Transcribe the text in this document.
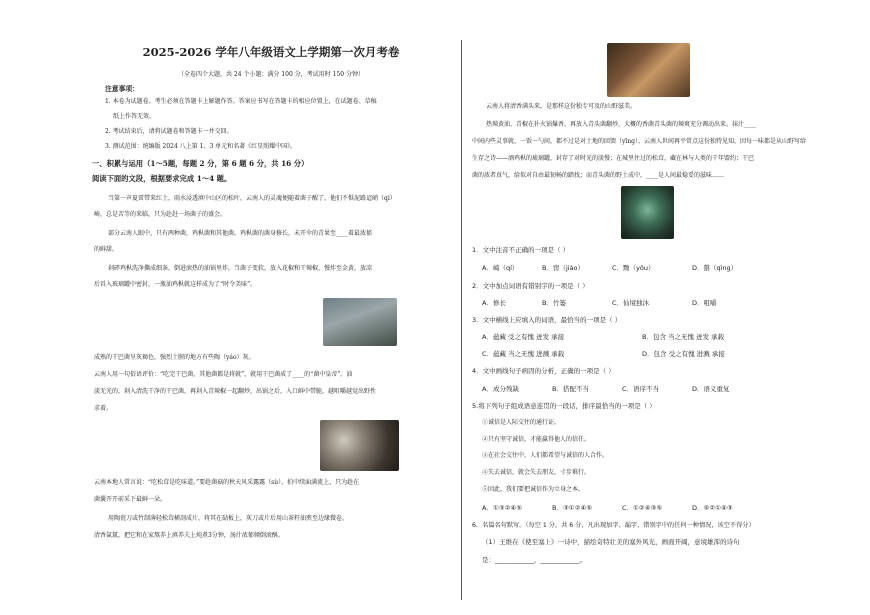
2025-2026 学年八年级语文上学期第一次月考卷
（全卷四个大题，共 24 个小题；满分 100 分，考试用时 150 分钟）
注意事项：
1. 本卷为试题卷。考生必须在答题卡上解题作答。答案应书写在答题卡的相应位置上，在试题卷、草稿
纸上作答无效。
2. 考试结束后，请将试题卷和答题卡一并交回。
3. 测试范围：统编版 2024 八上第 1、3 单元和名著《红星照耀中国》。
一、积累与运用（1～5题，每题 2 分，第 6 题 6 分，共 16 分）
阅读下面的文段，根据要求完成 1～4 题。
当第一声夏雷带来红土，雨水浸透滇中山区的松叶，云南人的灵魂便随着菌子醒了。他们不惧泥路迢峭（qí）
崎，总是苦等的来临，只为赴赶一场菌子的盛会。
部分云南人眼中，只有两种菌，鸡枞菌和其他菌。鸡枞菌的菌身修长，未开伞的青果至____着最浓郁
的鲜甜。
剁碎鸡枞洗净撕成细条，倒进滚热的油锅里炸，当菌子变软，放入花椒和干辣椒，慢炸至金黄，放凉
后舀入玻璃罐中密封，一瓶油鸡枞就这样成为了“时令美味”。
成熟的干巴菌呈灰褐色，强烈土腥的地方有些陶（yáo）灰。
云南人用一句俗语评价：“吃完干巴菌，其他菌都是将就”，就用干巴菌成了____的“菌中皇帝”。油
淡无光的，剁入清洗干净的干巴菌，再剁入青辣椒一起翻炒，出锅之后，入口鲜中带脆，越咀嚼越觉出野性
求着。
云南本地人常言说：“吃松茸是吃味道。”要趁菌菇的秋天风采露露（sù）。拍中续面满流上，只为趁在
菌囊开开前采下最鲜一朵。
用陶瓷刀或竹制薄轻松茸横剖成片，将其在砧板上，灰刀或片后用山茶籽油煎至边缘微卷，
清香氤氲，把它和在家熬养上滇养夫上炖煮3分钟，汤汁浓郁倾倒滚酥。
云南人将清香满头来，是那样这份独专可及的山野滋美。
热辣黄油、青椒在扑火锅爆香，再放入青头菌翻炒，大概的香菌青头菌的辣爽充分调动出来。抹汁____
中间内些灵事就，一饭一勺间，都不过是对土地的回馈（yīng）。云南人世间再平常点这份独特见知，因每一味都是从山野写给
生存之诗——酒鸡枞的琉璃罐，封存了对时光的淡慢；在城里住过的松茸，藏在林与人类的干年盟约；干巴
菌的浓者真气，给似对自由最韧畅的踏找；而青头菌的野土成中，____是人间最稳妥的滋味……
1．文中注音不正确的一项是（ ）
A．崎（qí）	B．窖（jiào）	C．黝（yǒu）	D．罄（qìng）
2．文中加点词语有错别字的一项是（ ）
A．修长	B．竹篓	C．仙境独沐	D．咀嚼
3．文中横线上应填入的词语，最恰当的一项是（ ）
A．蕴藏 受之有愧 迸发 承接	B．包含 当之无愧 迸发 承载
C．蕴藏 当之无愧 进溅 承载	D．包含 受之有愧 进溅 承接
4．文中画线句子病因的分析，正确的一项是（ ）
A．成分残缺	B．搭配不当	C．语序不当	D．语义重复
5.将下列句子组成语意连贯的一段话，排序最恰当的一项是（ ）
①诚信是人际交往的通行证。
②只有坚守诚信，才能赢得他人的信任。
③在社会交往中，人们都希望与诚信的人合作。
④失去诚信，就会失去朋友，寸步难行。
⑤因此，我们要把诚信作为立身之本。
A．①③②④⑤	B．③①②④⑤	C．①②④③⑤	D．⑤②①④③
6．名篇名句默写。（每空 1 分，共 6 分，凡出现加字、漏字、错别字中的任何一种情况，该空不得分）
（1）王维在《使至塞上》一诗中，描绘奇特壮美的塞外风光，画面开阔，意境雄浑的诗句
是：____________，____________。
